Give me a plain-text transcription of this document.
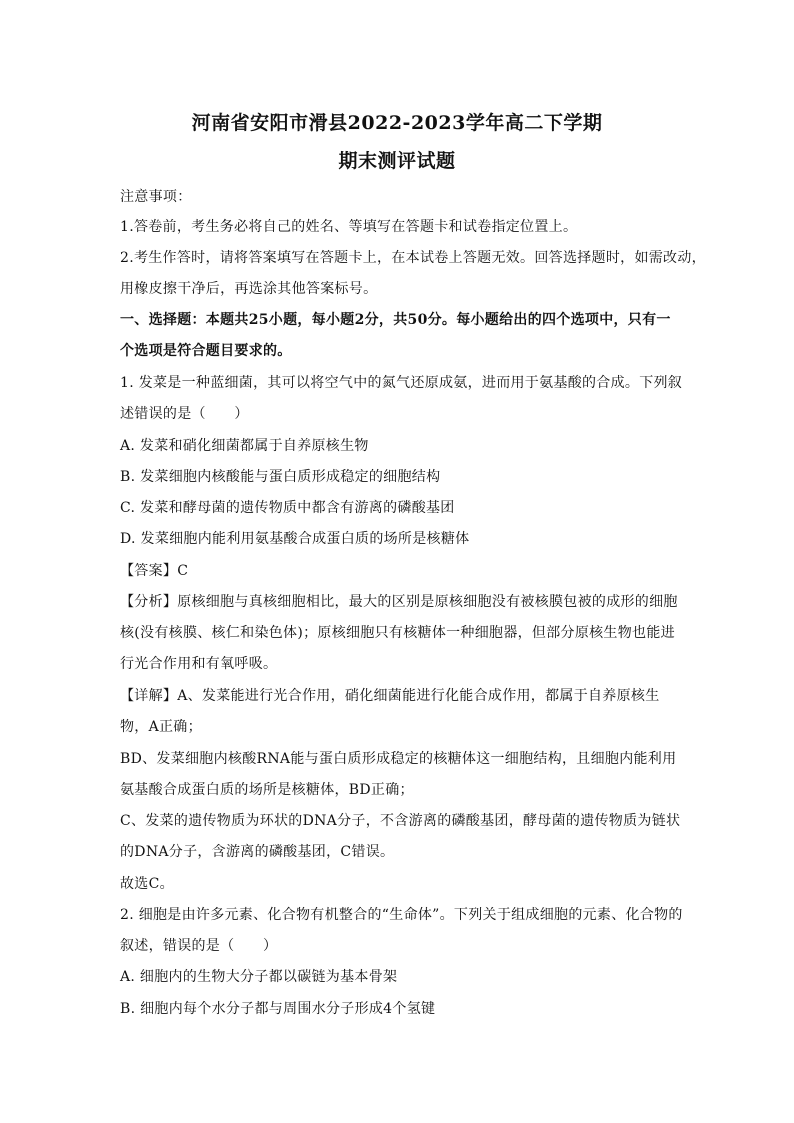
河南省安阳市滑县2022-2023学年高二下学期
期末测评试题
注意事项：
1.答卷前，考生务必将自己的姓名、等填写在答题卡和试卷指定位置上。
2.考生作答时，请将答案填写在答题卡上，在本试卷上答题无效。回答选择题时，如需改动，
用橡皮擦干净后，再选涂其他答案标号。
一、选择题：本题共25小题，每小题2分，共50分。每小题给出的四个选项中，只有一
个选项是符合题目要求的。
1. 发菜是一种蓝细菌，其可以将空气中的氮气还原成氨，进而用于氨基酸的合成。下列叙
述错误的是（　　）
A. 发菜和硝化细菌都属于自养原核生物
B. 发菜细胞内核酸能与蛋白质形成稳定的细胞结构
C. 发菜和酵母菌的遗传物质中都含有游离的磷酸基团
D. 发菜细胞内能利用氨基酸合成蛋白质的场所是核糖体
【答案】C
【分析】原核细胞与真核细胞相比，最大的区别是原核细胞没有被核膜包被的成形的细胞
核(没有核膜、核仁和染色体)；原核细胞只有核糖体一种细胞器，但部分原核生物也能进
行光合作用和有氧呼吸。
【详解】A、发菜能进行光合作用，硝化细菌能进行化能合成作用，都属于自养原核生
物，A正确；
BD、发菜细胞内核酸RNA能与蛋白质形成稳定的核糖体这一细胞结构，且细胞内能利用
氨基酸合成蛋白质的场所是核糖体，BD正确；
C、发菜的遗传物质为环状的DNA分子，不含游离的磷酸基团，酵母菌的遗传物质为链状
的DNA分子，含游离的磷酸基团，C错误。
故选C。
2. 细胞是由许多元素、化合物有机整合的“生命体”。下列关于组成细胞的元素、化合物的
叙述，错误的是（　　）
A. 细胞内的生物大分子都以碳链为基本骨架
B. 细胞内每个水分子都与周围水分子形成4个氢键
